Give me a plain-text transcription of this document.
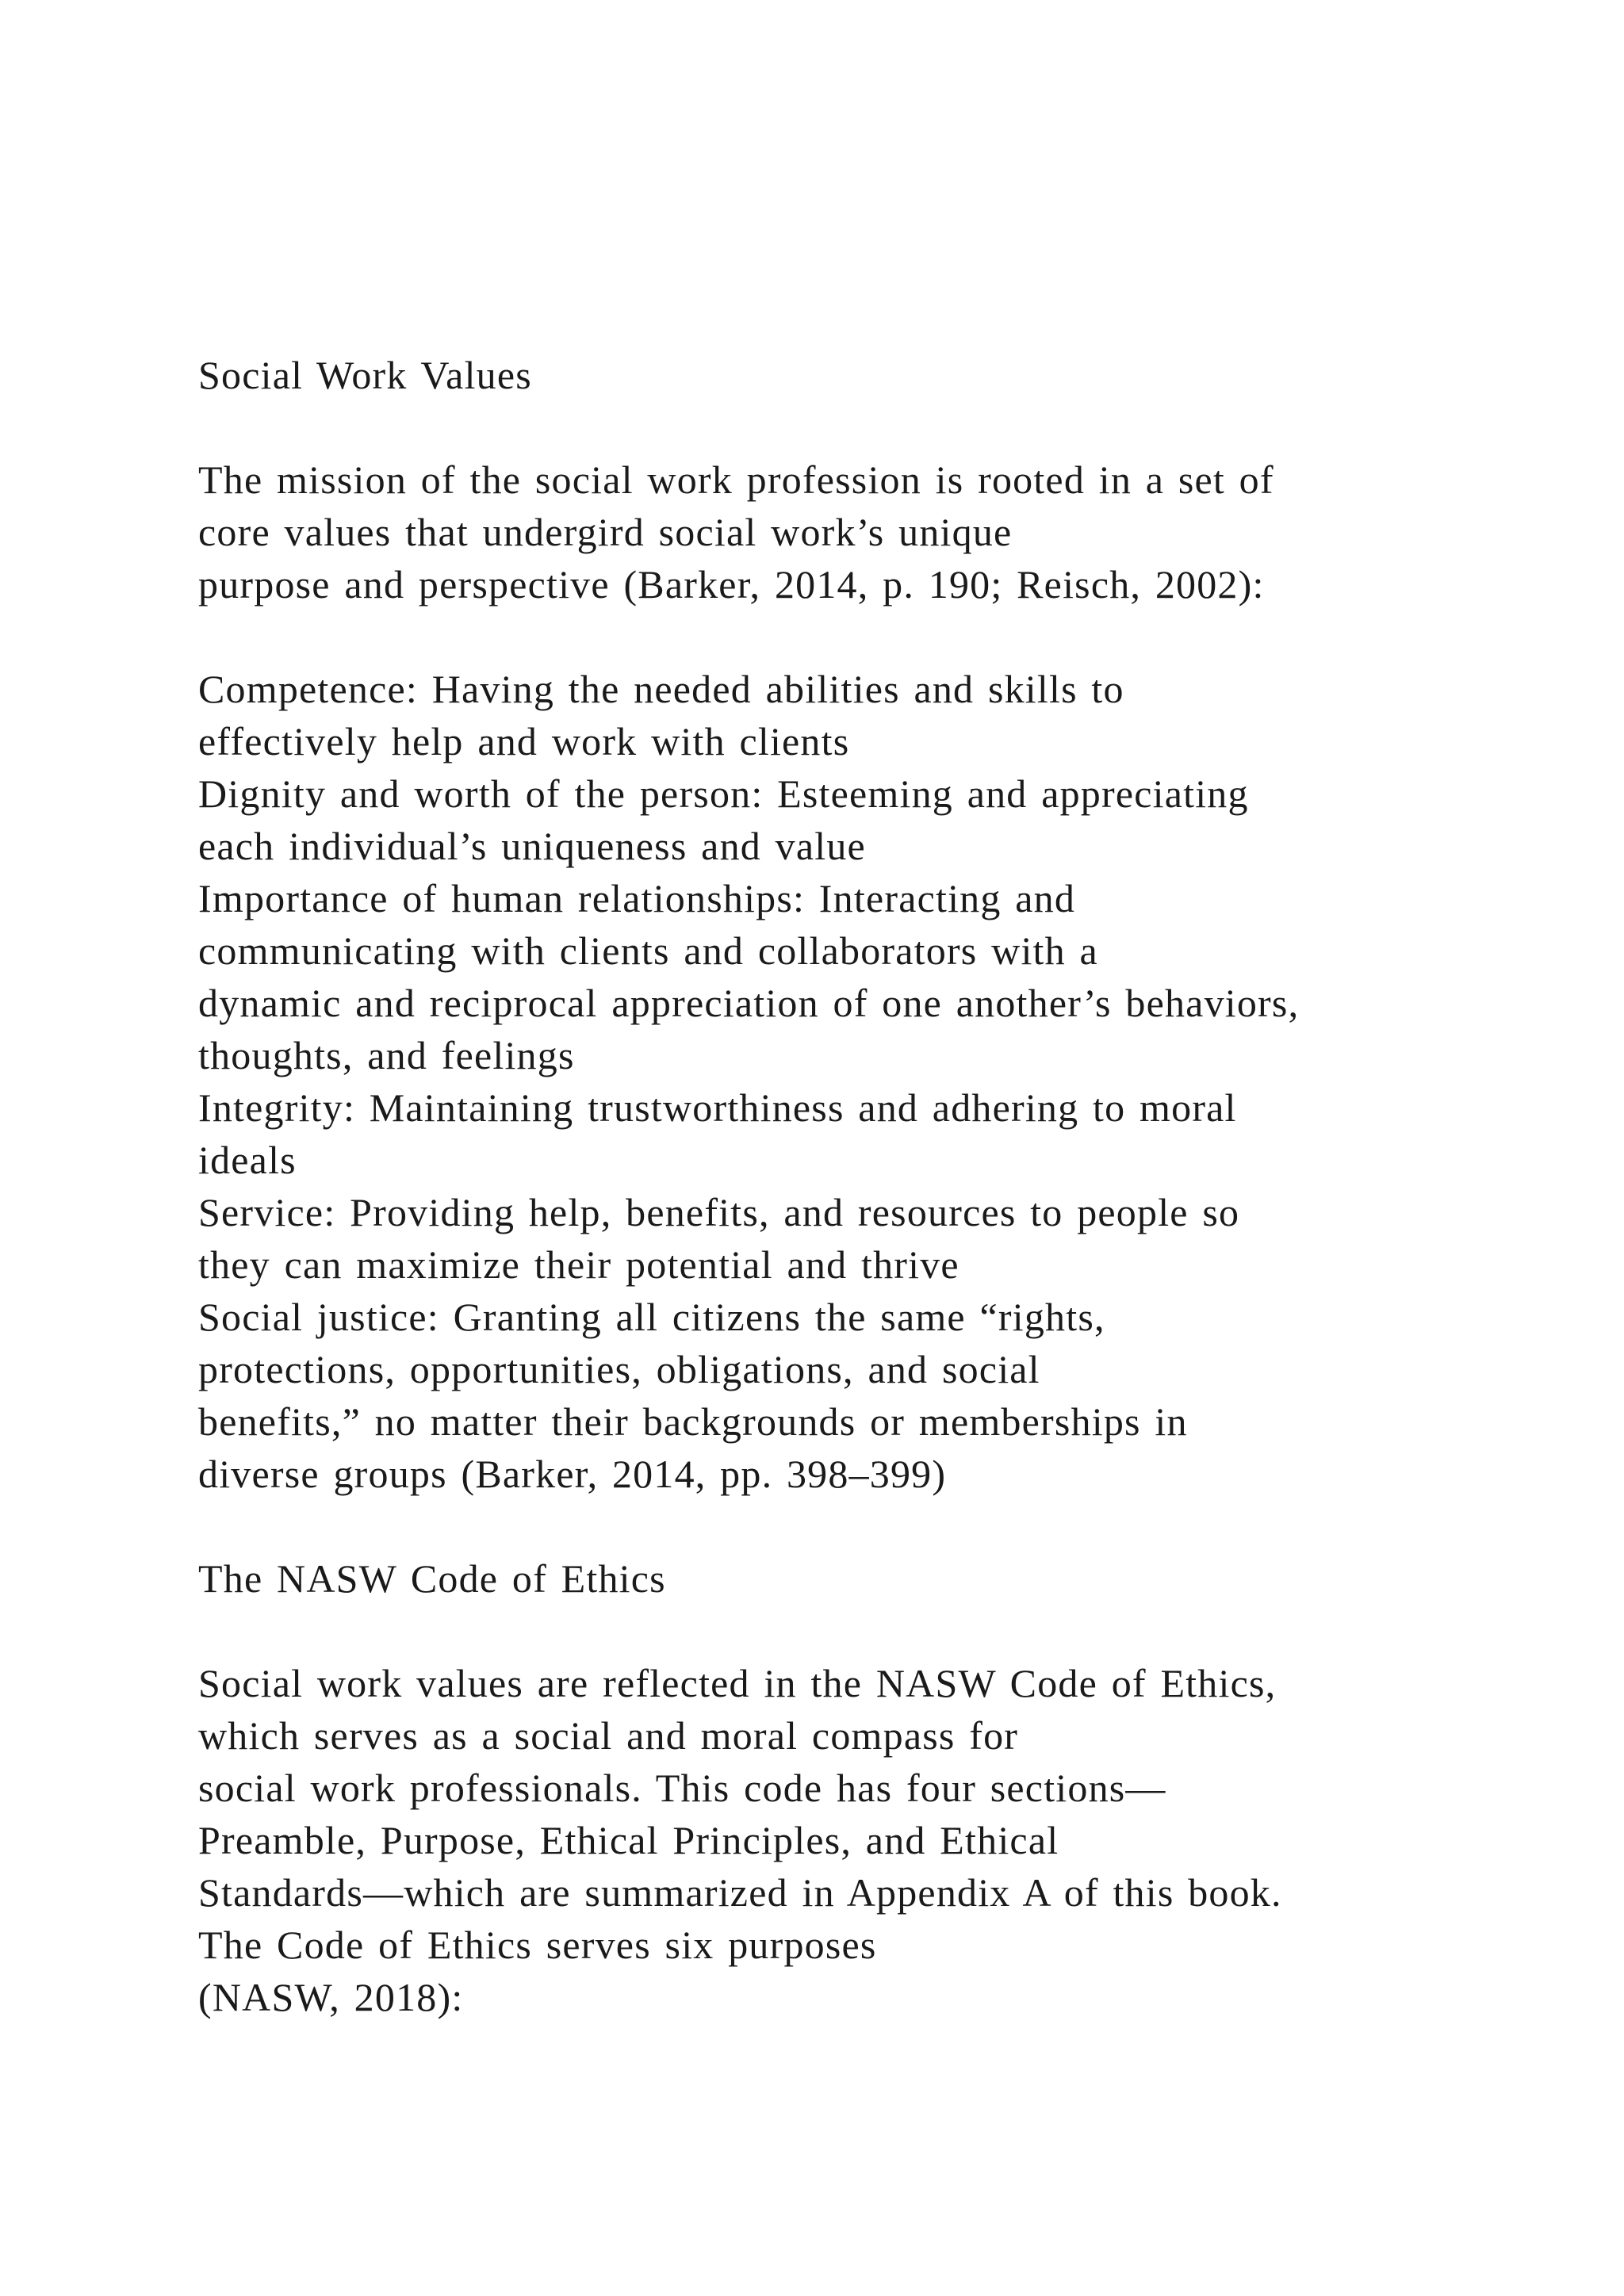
Social Work Values
The mission of the social work profession is rooted in a set of
core values that undergird social work’s unique
purpose and perspective (Barker, 2014, p. 190; Reisch, 2002):
Competence: Having the needed abilities and skills to
effectively help and work with clients
Dignity and worth of the person: Esteeming and appreciating
each individual’s uniqueness and value
Importance of human relationships: Interacting and
communicating with clients and collaborators with a
dynamic and reciprocal appreciation of one another’s behaviors,
thoughts, and feelings
Integrity: Maintaining trustworthiness and adhering to moral
ideals
Service: Providing help, benefits, and resources to people so
they can maximize their potential and thrive
Social justice: Granting all citizens the same “rights,
protections, opportunities, obligations, and social
benefits,” no matter their backgrounds or memberships in
diverse groups (Barker, 2014, pp. 398–399)
The NASW Code of Ethics
Social work values are reflected in the NASW Code of Ethics,
which serves as a social and moral compass for
social work professionals. This code has four sections—
Preamble, Purpose, Ethical Principles, and Ethical
Standards—which are summarized in Appendix A of this book.
The Code of Ethics serves six purposes
(NASW, 2018):
